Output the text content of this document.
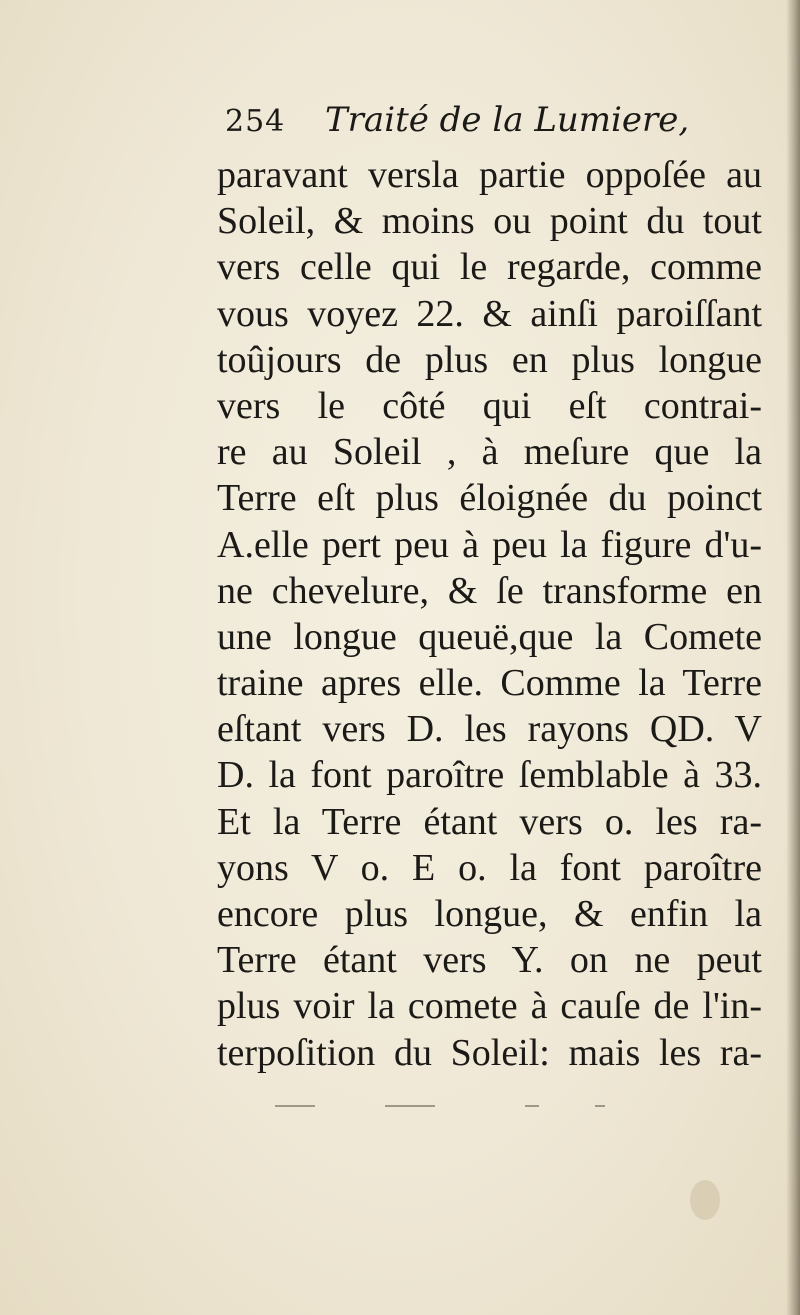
254 Traité de la Lumiere,
paravant versla partie oppoſée au
Soleil, & moins ou point du tout
vers celle qui le regarde, comme
vous voyez 22. & ainſi paroiſſant
toûjours de plus en plus longue
vers le côté qui eſt contrai-
re au Soleil , à meſure que la
Terre eſt plus éloignée du poinct
A.elle pert peu à peu la figure d'u-
ne chevelure, & ſe transforme en
une longue queuë,que la Comete
traine apres elle. Comme la Terre
eſtant vers D. les rayons QD. V
D. la font paroître ſemblable à 33.
Et la Terre étant vers o. les ra-
yons V o. E o. la font paroître
encore plus longue, & enfin la
Terre étant vers Y. on ne peut
plus voir la comete à cauſe de l'in-
terpoſition du Soleil: mais les ra-
